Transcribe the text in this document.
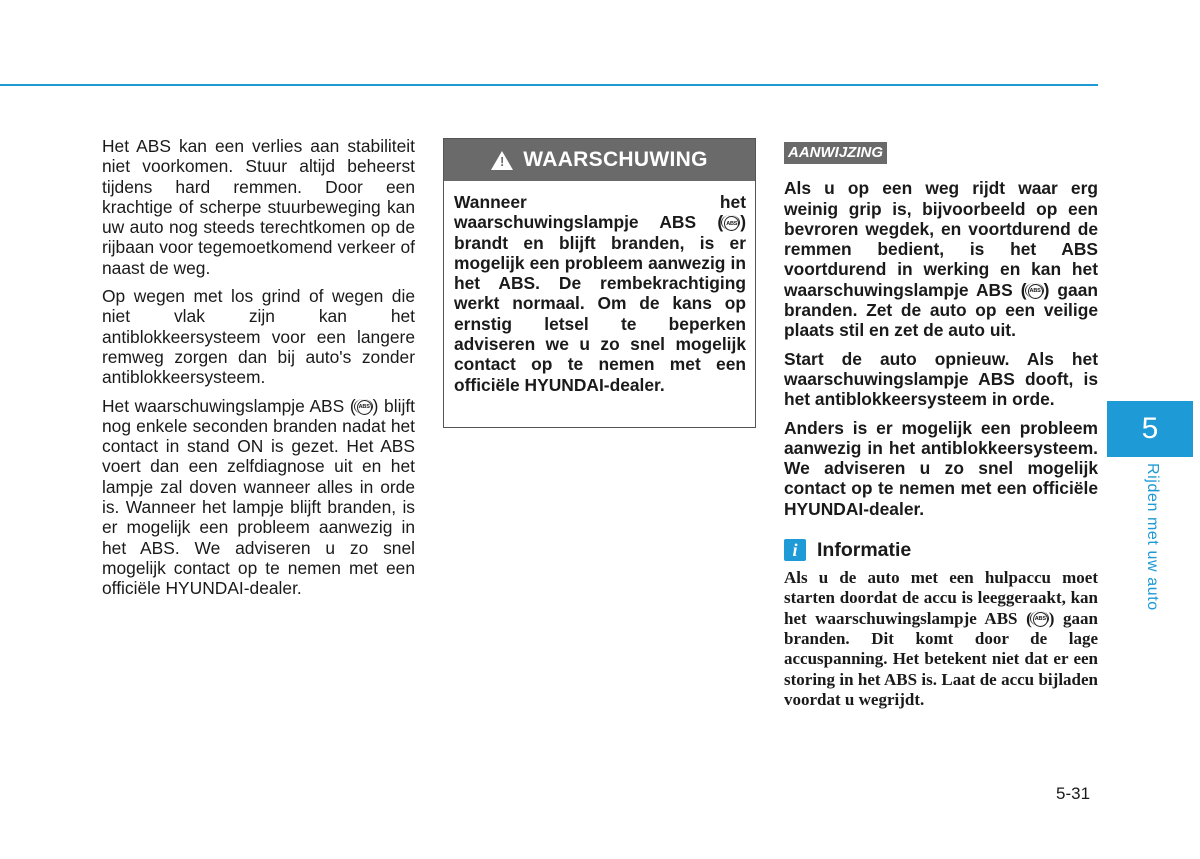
Het ABS kan een verlies aan stabiliteit niet voorkomen. Stuur altijd beheerst tijdens hard remmen. Door een krachtige of scherpe stuurbeweging kan uw auto nog steeds terechtkomen op de rijbaan voor tegemoetkomend verkeer of naast de weg.

Op wegen met los grind of wegen die niet vlak zijn kan het antiblokkeersysteem voor een langere remweg zorgen dan bij auto's zonder antiblokkeersysteem.

Het waarschuwingslampje ABS ( ABS ) blijft nog enkele seconden branden nadat het contact in stand ON is gezet. Het ABS voert dan een zelfdiagnose uit en het lampje zal doven wanneer alles in orde is. Wanneer het lampje blijft branden, is er mogelijk een probleem aanwezig in het ABS. We adviseren u zo snel mogelijk contact op te nemen met een officiële HYUNDAI-dealer.

! WAARSCHUWING
Wanneer het waarschuwingslampje ABS ( ABS ) brandt en blijft branden, is er mogelijk een probleem aanwezig in het ABS. De rembekrachtiging werkt normaal. Om de kans op ernstig letsel te beperken adviseren we u zo snel mogelijk contact op te nemen met een officiële HYUNDAI-dealer.
AANWIJZING

Als u op een weg rijdt waar erg weinig grip is, bijvoorbeeld op een bevroren wegdek, en voortdurend de remmen bedient, is het ABS voortdurend in werking en kan het waarschuwingslampje ABS ( ABS ) gaan branden. Zet de auto op een veilige plaats stil en zet de auto uit.

Start de auto opnieuw. Als het waarschuwingslampje ABS dooft, is het antiblokkeersysteem in orde.

Anders is er mogelijk een probleem aanwezig in het antiblokkeersysteem. We adviseren u zo snel mogelijk contact op te nemen met een officiële HYUNDAI-dealer.

i	Informatie

Als u de auto met een hulpaccu moet starten doordat de accu is leeggeraakt, kan het waarschuwingslampje ABS ( ABS ) gaan branden. Dit komt door de lage accuspanning. Het betekent niet dat er een storing in het ABS is. Laat de accu bijladen voordat u wegrijdt.

5
Rijden met uw auto
5-31
